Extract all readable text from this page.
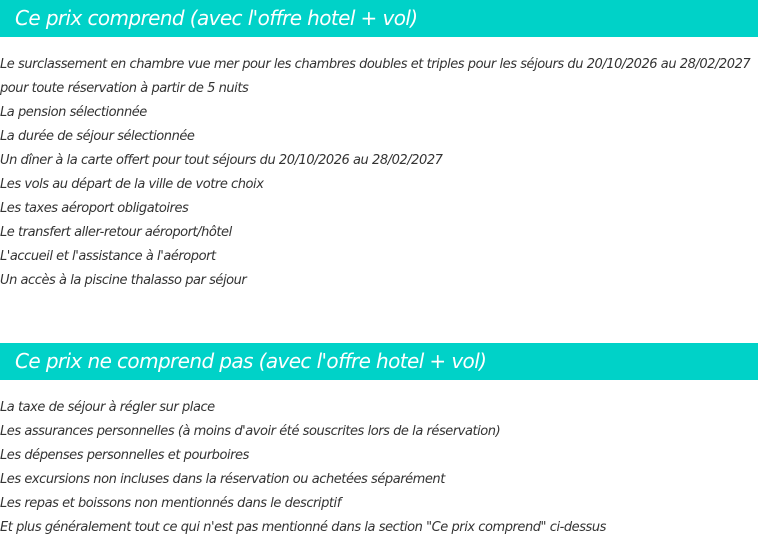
Ce prix comprend (avec l'offre hotel + vol)
Le surclassement en chambre vue mer pour les chambres doubles et triples pour les séjours du 20/10/2026 au 28/02/2027 pour toute réservation à partir de 5 nuits
La pension sélectionnée
La durée de séjour sélectionnée
Un dîner à la carte offert pour tout séjours du 20/10/2026 au 28/02/2027
Les vols au départ de la ville de votre choix
Les taxes aéroport obligatoires
Le transfert aller-retour aéroport/hôtel
L'accueil et l'assistance à l'aéroport
Un accès à la piscine thalasso par séjour
Ce prix ne comprend pas (avec l'offre hotel + vol)
La taxe de séjour à régler sur place
Les assurances personnelles (à moins d'avoir été souscrites lors de la réservation)
Les dépenses personnelles et pourboires
Les excursions non incluses dans la réservation ou achetées séparément
Les repas et boissons non mentionnés dans le descriptif
Et plus généralement tout ce qui n'est pas mentionné dans la section "Ce prix comprend" ci-dessus
